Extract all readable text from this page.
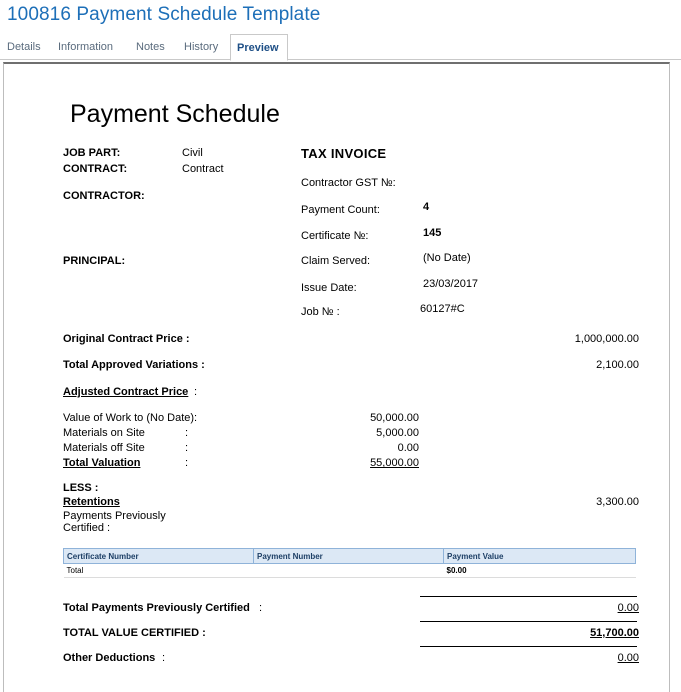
100816 Payment Schedule Template
Details	Information	Notes	History	Preview
Payment Schedule
JOB PART:	Civil
CONTRACT:	Contract
CONTRACTOR:
PRINCIPAL:
TAX INVOICE
Contractor GST №:
Payment Count:	4
Certificate №:	145
Claim Served:	(No Date)
Issue Date:	23/03/2017
Job № :	60127#C
Original Contract Price :	1,000,000.00
Total Approved Variations :	2,100.00
Adjusted Contract Price :
Value of Work to (No Date):	50,000.00
Materials on Site	:	5,000.00
Materials off Site	:	0.00
Total Valuation	:	55,000.00
LESS :
Retentions	3,300.00
Payments Previously
Certified :
Certificate Number	Payment Number	Payment Value
Total		$0.00
Total Payments Previously Certified :	0.00
TOTAL VALUE CERTIFIED :	51,700.00
Other Deductions :	0.00
